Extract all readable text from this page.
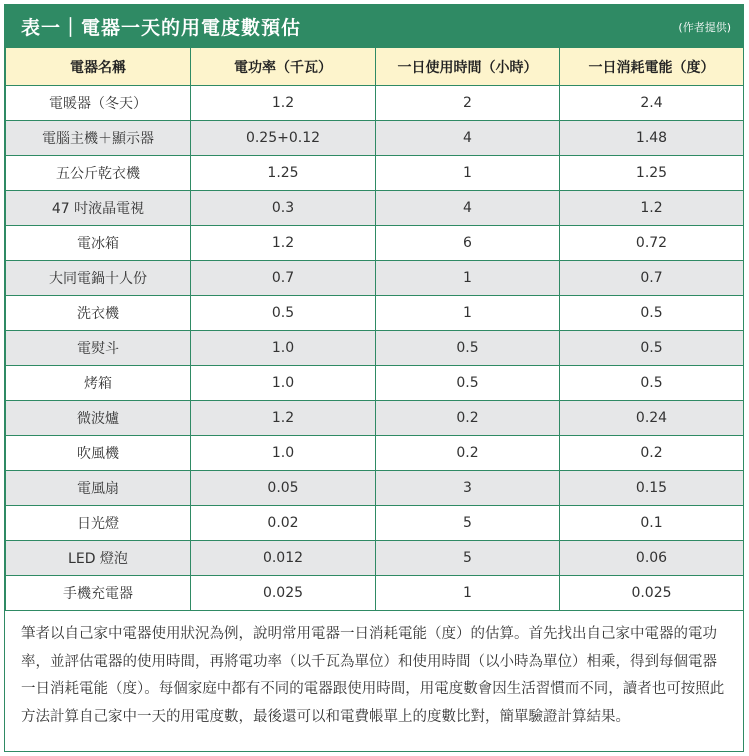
表一｜電器一天的用電度數預估	(作者提供)
電器名稱	電功率（千瓦）	一日使用時間（小時）	一日消耗電能（度）
電暖器（冬天）	1.2	2	2.4
電腦主機＋顯示器	0.25+0.12	4	1.48
五公斤乾衣機	1.25	1	1.25
47 吋液晶電視	0.3	4	1.2
電冰箱	1.2	6	0.72
大同電鍋十人份	0.7	1	0.7
洗衣機	0.5	1	0.5
電熨斗	1.0	0.5	0.5
烤箱	1.0	0.5	0.5
微波爐	1.2	0.2	0.24
吹風機	1.0	0.2	0.2
電風扇	0.05	3	0.15
日光燈	0.02	5	0.1
LED 燈泡	0.012	5	0.06
手機充電器	0.025	1	0.025
筆者以自己家中電器使用狀況為例，說明常用電器一日消耗電能（度）的估算。首先找出自己家中電器的電功率，並評估電器的使用時間，再將電功率（以千瓦為單位）和使用時間（以小時為單位）相乘，得到每個電器一日消耗電能（度）。每個家庭中都有不同的電器跟使用時間，用電度數會因生活習慣而不同，讀者也可按照此方法計算自己家中一天的用電度數，最後還可以和電費帳單上的度數比對，簡單驗證計算結果。
